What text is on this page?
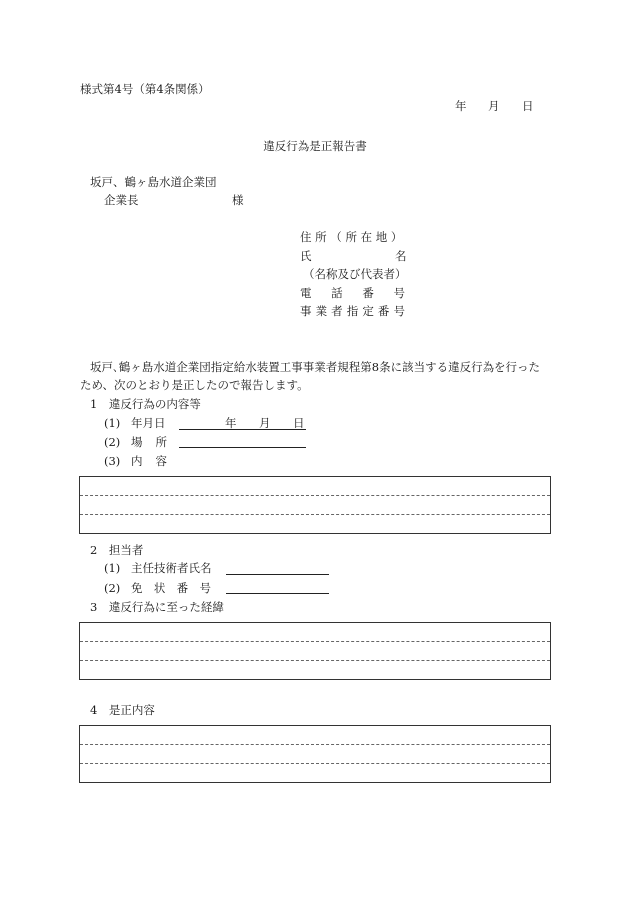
様式第4号（第4条関係）
年 月 日
違反行為是正報告書
坂戸、鶴ヶ島水道企業団
企業長	様
住 所 （ 所 在 地 ）
氏	名
（名称及び代表者）
電 話 番 号
事 業 者 指 定 番 号
坂戸､鶴ヶ島水道企業団指定給水装置工事事業者規程第8条に該当する違反行為を行った
ため、次のとおり是正したので報告します。
1　違反行為の内容等
(1) 年月日	年 月 日
(2) 場 所
(3) 内 容
2　担当者
(1) 主任技術者氏名
(2) 免 状 番 号
3　違反行為に至った経緯
4　是正内容
